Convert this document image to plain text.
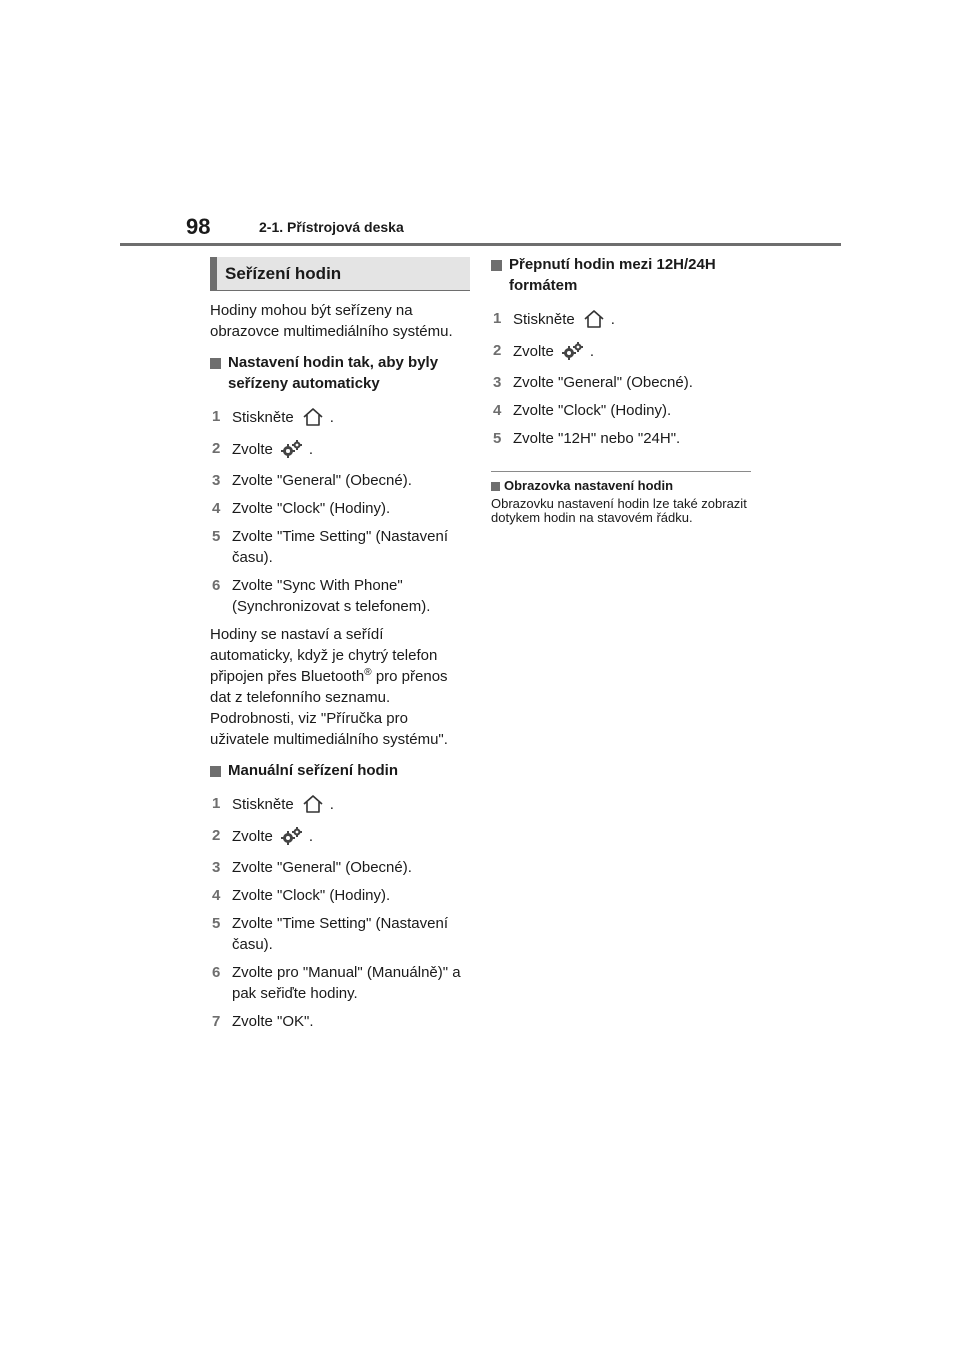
98	2-1. Přístrojová deska
Seřízení hodin

Hodiny mohou být seřízeny na obrazovce multimediálního systému.

Nastavení hodin tak, aby byly seřízeny automaticky
1 Stiskněte .
2 Zvolte .
3 Zvolte "General" (Obecné).
4 Zvolte "Clock" (Hodiny).
5 Zvolte "Time Setting" (Nastavení času).
6 Zvolte "Sync With Phone" (Synchronizovat s telefonem).

Hodiny se nastaví a seřídí automaticky, když je chytrý telefon připojen přes Bluetooth® pro přenos dat z telefonního seznamu. Podrobnosti, viz "Příručka pro uživatele multimediálního systému".

Manuální seřízení hodin
1 Stiskněte .
2 Zvolte .
3 Zvolte "General" (Obecné).
4 Zvolte "Clock" (Hodiny).
5 Zvolte "Time Setting" (Nastavení času).
6 Zvolte pro "Manual" (Manuálně)" a pak seřiďte hodiny.
7 Zvolte "OK".
Přepnutí hodin mezi 12H/24H formátem
1 Stiskněte .
2 Zvolte .
3 Zvolte "General" (Obecné).
4 Zvolte "Clock" (Hodiny).
5 Zvolte "12H" nebo "24H".
Obrazovka nastavení hodin
Obrazovku nastavení hodin lze také zobrazit dotykem hodin na stavovém řádku.
